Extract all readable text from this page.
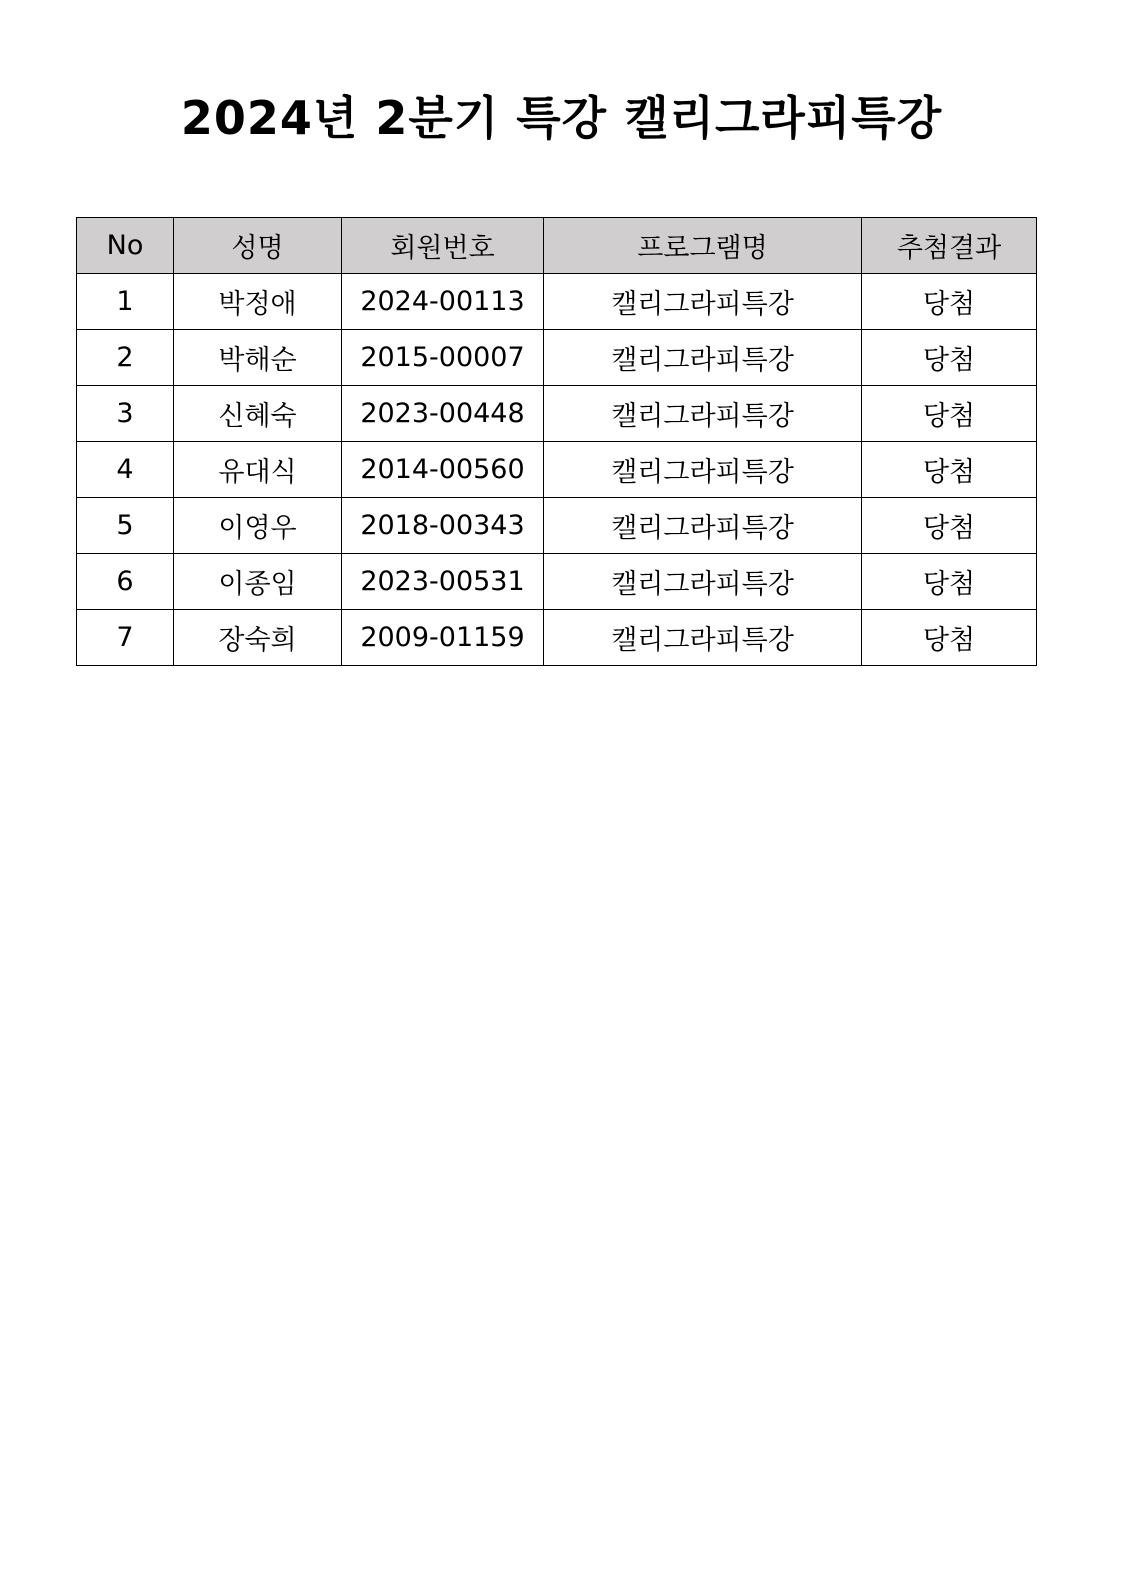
2024년 2분기 특강 캘리그라피특강
No	성명	회원번호	프로그램명	추첨결과
1	박정애	2024-00113	캘리그라피특강	당첨
2	박해순	2015-00007	캘리그라피특강	당첨
3	신혜숙	2023-00448	캘리그라피특강	당첨
4	유대식	2014-00560	캘리그라피특강	당첨
5	이영우	2018-00343	캘리그라피특강	당첨
6	이종임	2023-00531	캘리그라피특강	당첨
7	장숙희	2009-01159	캘리그라피특강	당첨
